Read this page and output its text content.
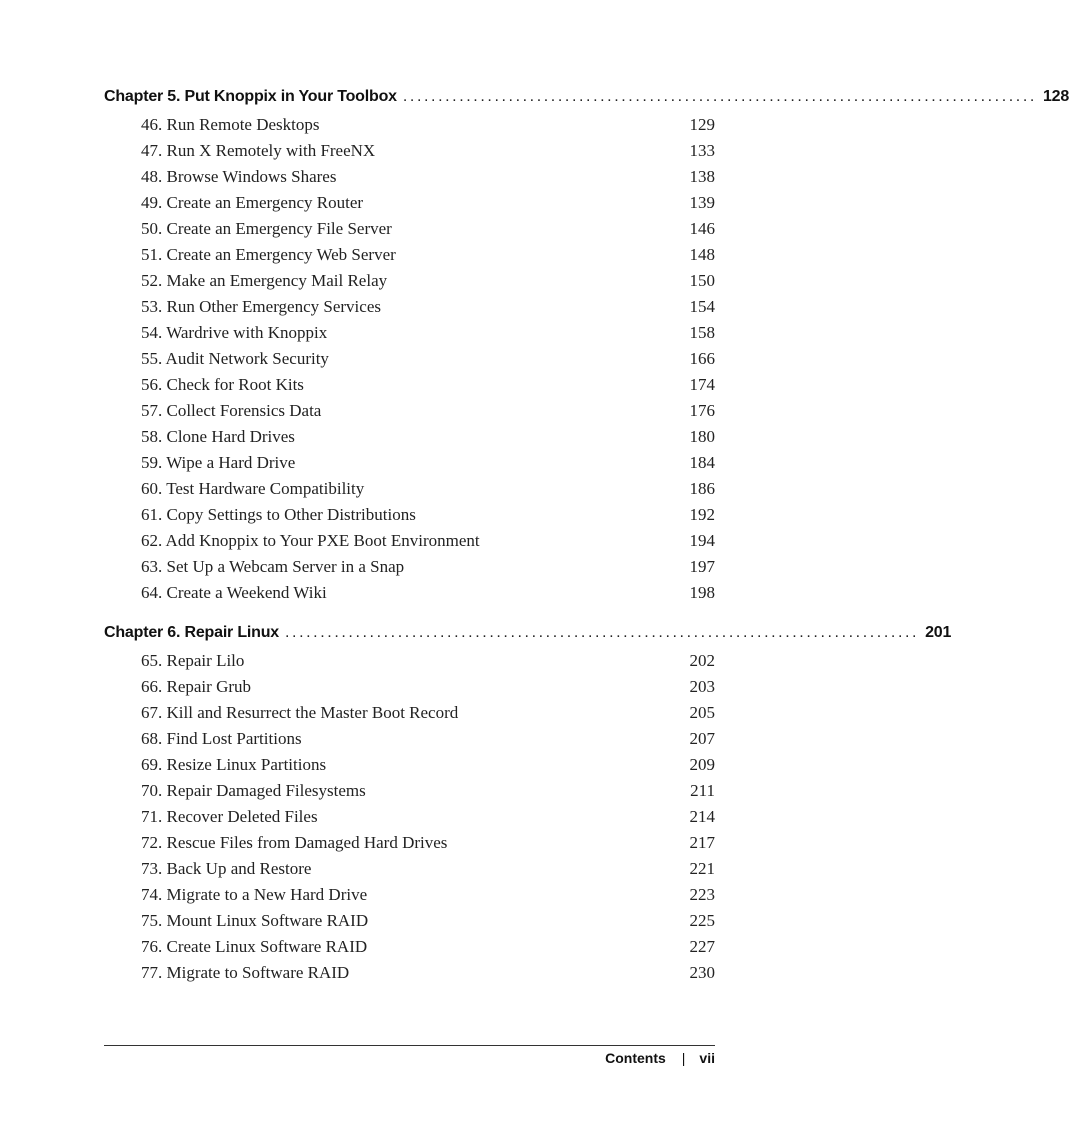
Chapter 5. Put Knoppix in Your Toolbox .......................................................................................... 128
46. Run Remote Desktops	129
47. Run X Remotely with FreeNX	133
48. Browse Windows Shares	138
49. Create an Emergency Router	139
50. Create an Emergency File Server	146
51. Create an Emergency Web Server	148
52. Make an Emergency Mail Relay	150
53. Run Other Emergency Services	154
54. Wardrive with Knoppix	158
55. Audit Network Security	166
56. Check for Root Kits	174
57. Collect Forensics Data	176
58. Clone Hard Drives	180
59. Wipe a Hard Drive	184
60. Test Hardware Compatibility	186
61. Copy Settings to Other Distributions	192
62. Add Knoppix to Your PXE Boot Environment	194
63. Set Up a Webcam Server in a Snap	197
64. Create a Weekend Wiki	198
Chapter 6. Repair Linux .......................................................................................... 201
65. Repair Lilo	202
66. Repair Grub	203
67. Kill and Resurrect the Master Boot Record	205
68. Find Lost Partitions	207
69. Resize Linux Partitions	209
70. Repair Damaged Filesystems	211
71. Recover Deleted Files	214
72. Rescue Files from Damaged Hard Drives	217
73. Back Up and Restore	221
74. Migrate to a New Hard Drive	223
75. Mount Linux Software RAID	225
76. Create Linux Software RAID	227
77. Migrate to Software RAID	230
Contents | vii
